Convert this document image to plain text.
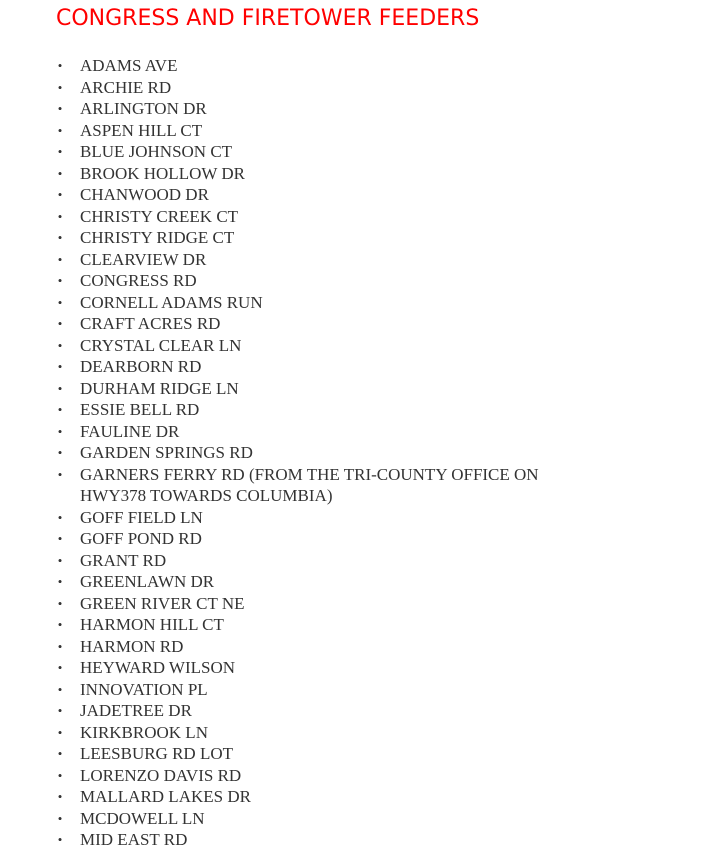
CONGRESS AND FIRETOWER FEEDERS
• ADAMS AVE
• ARCHIE RD
• ARLINGTON DR
• ASPEN HILL CT
• BLUE JOHNSON CT
• BROOK HOLLOW DR
• CHANWOOD DR
• CHRISTY CREEK CT
• CHRISTY RIDGE CT
• CLEARVIEW DR
• CONGRESS RD
• CORNELL ADAMS RUN
• CRAFT ACRES RD
• CRYSTAL CLEAR LN
• DEARBORN RD
• DURHAM RIDGE LN
• ESSIE BELL RD
• FAULINE DR
• GARDEN SPRINGS RD
• GARNERS FERRY RD (FROM THE TRI-COUNTY OFFICE ON HWY378 TOWARDS COLUMBIA)
• GOFF FIELD LN
• GOFF POND RD
• GRANT RD
• GREENLAWN DR
• GREEN RIVER CT NE
• HARMON HILL CT
• HARMON RD
• HEYWARD WILSON
• INNOVATION PL
• JADETREE DR
• KIRKBROOK LN
• LEESBURG RD LOT
• LORENZO DAVIS RD
• MALLARD LAKES DR
• MCDOWELL LN
• MID EAST RD
